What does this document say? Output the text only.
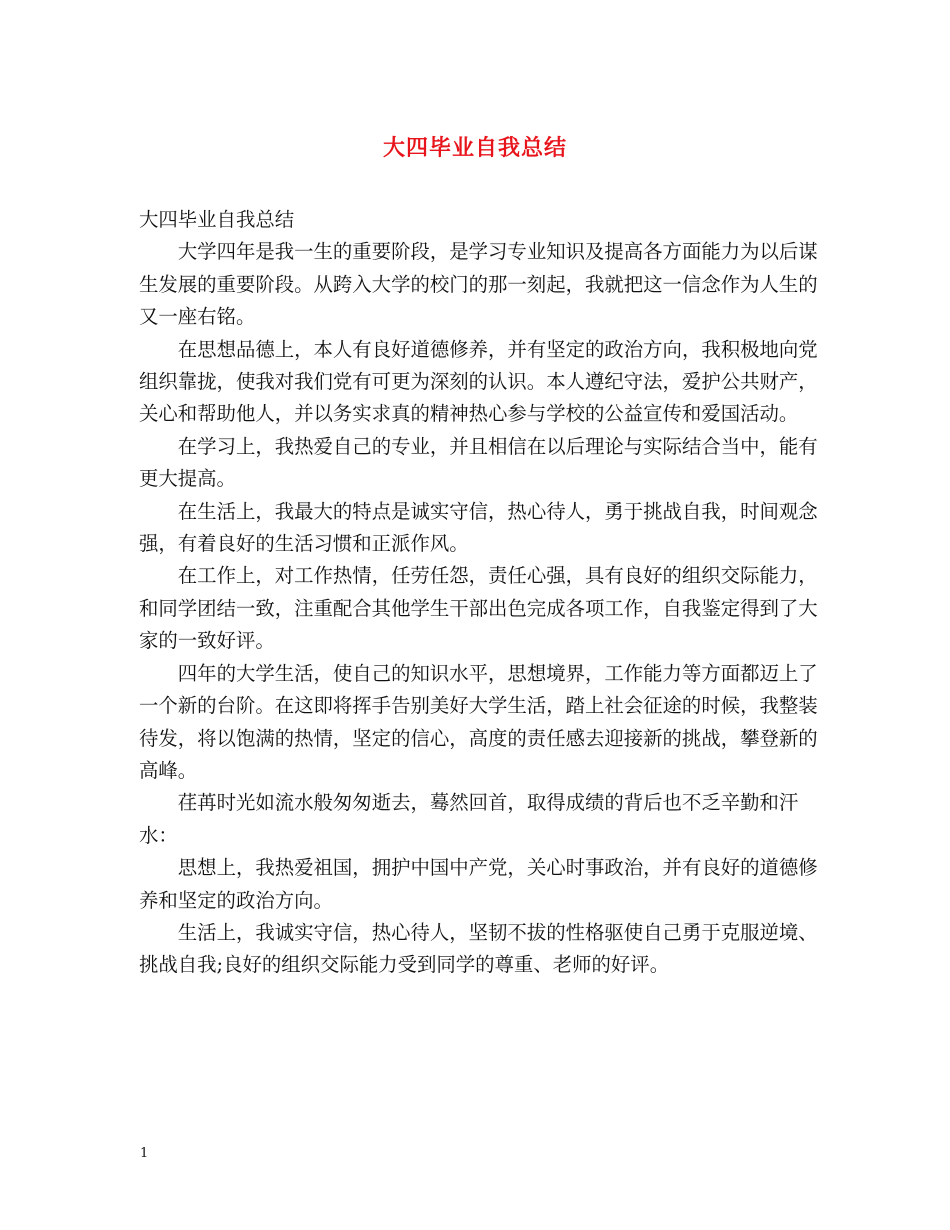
大四毕业自我总结

大四毕业自我总结

大学四年是我一生的重要阶段，是学习专业知识及提高各方面能力为以后谋生发展的重要阶段。从跨入大学的校门的那一刻起，我就把这一信念作为人生的又一座右铭。

在思想品德上，本人有良好道德修养，并有坚定的政治方向，我积极地向党组织靠拢，使我对我们党有可更为深刻的认识。本人遵纪守法，爱护公共财产，关心和帮助他人，并以务实求真的精神热心参与学校的公益宣传和爱国活动。

在学习上，我热爱自己的专业，并且相信在以后理论与实际结合当中，能有更大提高。

在生活上，我最大的特点是诚实守信，热心待人，勇于挑战自我，时间观念强，有着良好的生活习惯和正派作风。

在工作上，对工作热情，任劳任怨，责任心强，具有良好的组织交际能力，和同学团结一致，注重配合其他学生干部出色完成各项工作，自我鉴定得到了大家的一致好评。

四年的大学生活，使自己的知识水平，思想境界，工作能力等方面都迈上了一个新的台阶。在这即将挥手告别美好大学生活，踏上社会征途的时候，我整装待发，将以饱满的热情，坚定的信心，高度的责任感去迎接新的挑战，攀登新的高峰。

荏苒时光如流水般匆匆逝去，蓦然回首，取得成绩的背后也不乏辛勤和汗水：

思想上，我热爱祖国，拥护中国中产党，关心时事政治，并有良好的道德修养和坚定的政治方向。

生活上，我诚实守信，热心待人，坚韧不拔的性格驱使自己勇于克服逆境、挑战自我;良好的组织交际能力受到同学的尊重、老师的好评。

1
